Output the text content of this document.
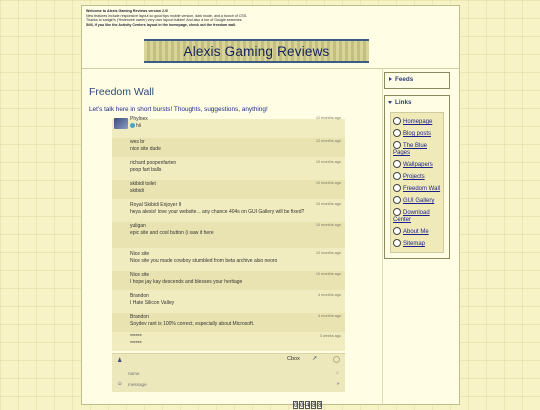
Welcome to Alexis Gaming Reviews version 2.0!
New features include responsive layout so good tips mobile version, dark mode, and a bunch of CSS.
Thanks to sadgirl's (Yesterweb owner) very own layout builder! And also a ton of Google searches.
Still, if you like the Activity Centers layout in the homepage, check out the freedom wall.
Alexis Gaming Reviews
Freedom Wall
Let's talk here in short bursts! Thoughts, suggestions, anything!
Phylnex
hii
12 months ago
wes br
nice site dude
12 months ago
richard poopenfarten
poop fart balls
10 months ago
skibidi toilet
skibidi
10 months ago
Royal Skibidi Enjoyer II
heya alexis! love your website... any chance 404s on GUI Gallery will be fixed?
10 months ago
yuligan
epic site and cool button (i saw it here
10 months ago
Nice site
Nice site you made cowboy stumbled from beta archive also neoro
10 months ago
Nice site
I hope jay kay descends and blesses your heritage
10 months ago
Brandon
I Hate Silicon Valley
4 months ago
Brandon
Soydev rant is 100% correct, especially about Microsoft.
4 months ago
******
******
3 weeks ago
♟	Cbox ↗
name
♬
☺
message	➤
0 0 4 8 8
Feeds
Links
Homepage
Blog posts
The Blue Pages
Wallpapers
Projects
Freedom Wall
GUI Gallery
Download Center
About Me
Sitemap
